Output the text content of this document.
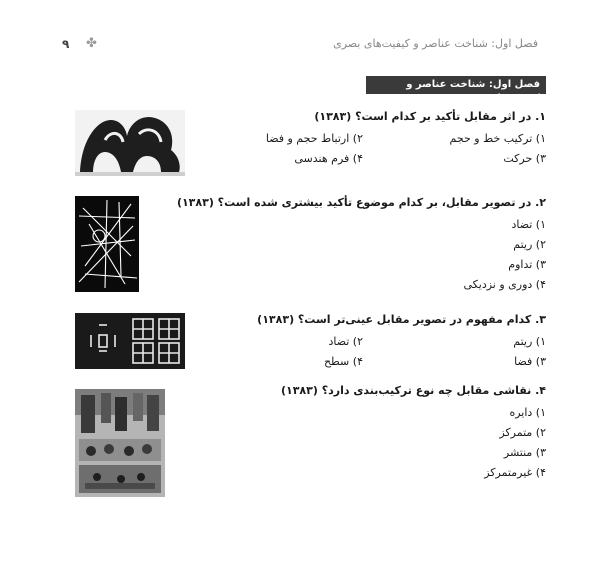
۹ ✤	فصل اول: شناخت عناصر و کیفیت‌های بصری
فصل اول: شناخت عناصر و کیفیت‌های بصری
۱. در اثر مقابل تأکید بر کدام است؟ (۱۳۸۳)
۱) ترکیب خط و حجم
۲) ارتباط حجم و فضا
۳) حرکت
۴) فرم هندسی
۲. در تصویر مقابل، بر کدام موضوع تأکید بیشتری شده است؟ (۱۳۸۳)
۱) تضاد
۲) ریتم
۳) تداوم
۴) دوری و نزدیکی
۳. کدام مفهوم در تصویر مقابل عینی‌تر است؟ (۱۳۸۳)
۱) ریتم
۲) تضاد
۳) فضا
۴) سطح
۴. نقاشی مقابل چه نوع ترکیب‌بندی دارد؟ (۱۳۸۳)
۱) دایره
۲) متمرکز
۳) منتشر
۴) غیرمتمرکز
